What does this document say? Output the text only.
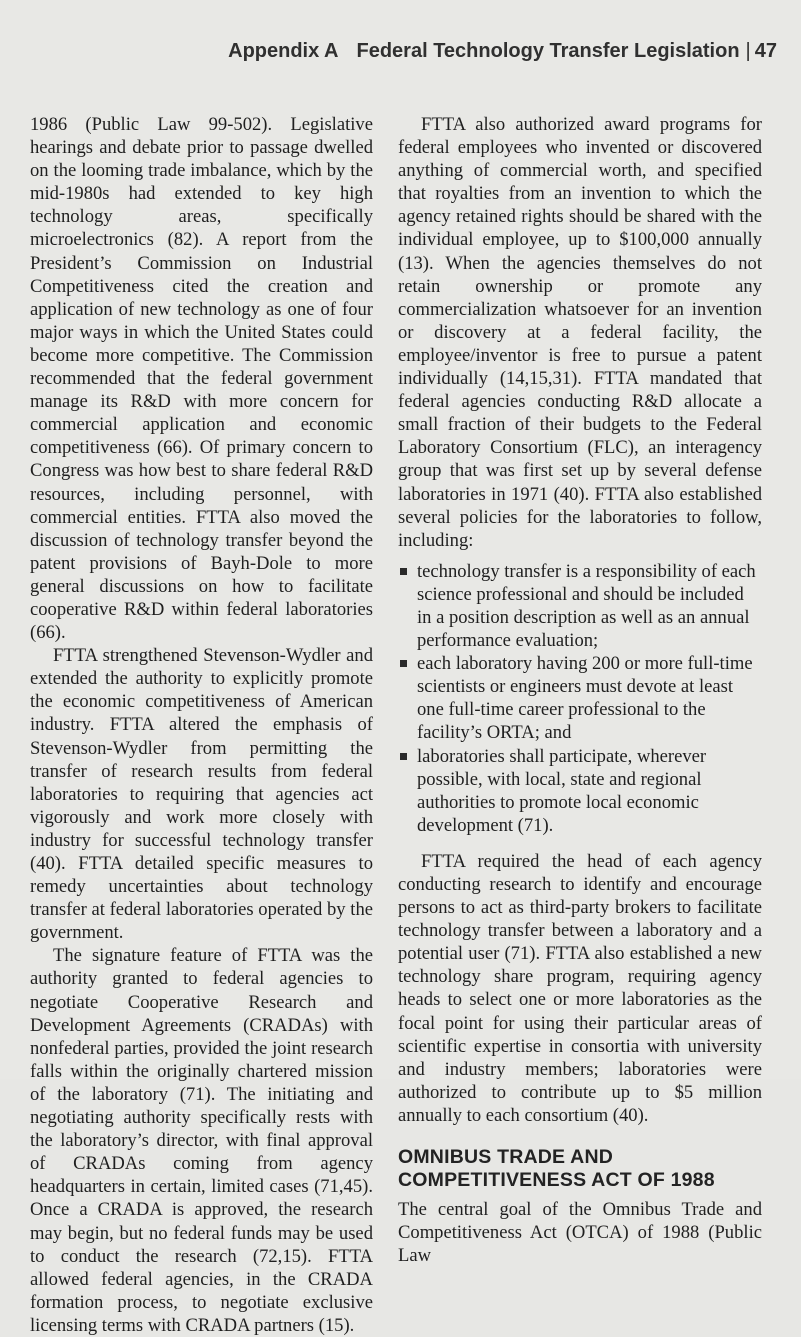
Appendix A Federal Technology Transfer Legislation | 47

1986 (Public Law 99-502). Legislative hearings and debate prior to passage dwelled on the looming trade imbalance, which by the mid-1980s had extended to key high technology areas, specifically microelectronics (82). A report from the President’s Commission on Industrial Competitiveness cited the creation and application of new technology as one of four major ways in which the United States could become more competitive. The Commission recommended that the federal government manage its R&D with more concern for commercial application and economic competitiveness (66). Of primary concern to Congress was how best to share federal R&D resources, including personnel, with commercial entities. FTTA also moved the discussion of technology transfer beyond the patent provisions of Bayh-Dole to more general discussions on how to facilitate cooperative R&D within federal laboratories (66).

FTTA strengthened Stevenson-Wydler and extended the authority to explicitly promote the economic competitiveness of American industry. FTTA altered the emphasis of Stevenson-Wydler from permitting the transfer of research results from federal laboratories to requiring that agencies act vigorously and work more closely with industry for successful technology transfer (40). FTTA detailed specific measures to remedy uncertainties about technology transfer at federal laboratories operated by the government.

The signature feature of FTTA was the authority granted to federal agencies to negotiate Cooperative Research and Development Agreements (CRADAs) with nonfederal parties, provided the joint research falls within the originally chartered mission of the laboratory (71). The initiating and negotiating authority specifically rests with the laboratory’s director, with final approval of CRADAs coming from agency headquarters in certain, limited cases (71,45). Once a CRADA is approved, the research may begin, but no federal funds may be used to conduct the research (72,15). FTTA allowed federal agencies, in the CRADA formation process, to negotiate exclusive licensing terms with CRADA partners (15).

FTTA also authorized award programs for federal employees who invented or discovered anything of commercial worth, and specified that royalties from an invention to which the agency retained rights should be shared with the individual employee, up to $100,000 annually (13). When the agencies themselves do not retain ownership or promote any commercialization whatsoever for an invention or discovery at a federal facility, the employee/inventor is free to pursue a patent individually (14,15,31). FTTA mandated that federal agencies conducting R&D allocate a small fraction of their budgets to the Federal Laboratory Consortium (FLC), an interagency group that was first set up by several defense laboratories in 1971 (40). FTTA also established several policies for the laboratories to follow, including:

technology transfer is a responsibility of each science professional and should be included in a position description as well as an annual performance evaluation;
each laboratory having 200 or more full-time scientists or engineers must devote at least one full-time career professional to the facility’s ORTA; and
laboratories shall participate, wherever possible, with local, state and regional authorities to promote local economic development (71).

FTTA required the head of each agency conducting research to identify and encourage persons to act as third-party brokers to facilitate technology transfer between a laboratory and a potential user (71). FTTA also established a new technology share program, requiring agency heads to select one or more laboratories as the focal point for using their particular areas of scientific expertise in consortia with university and industry members; laboratories were authorized to contribute up to $5 million annually to each consortium (40).

OMNIBUS TRADE AND
COMPETITIVENESS ACT OF 1988

The central goal of the Omnibus Trade and Competitiveness Act (OTCA) of 1988 (Public Law
